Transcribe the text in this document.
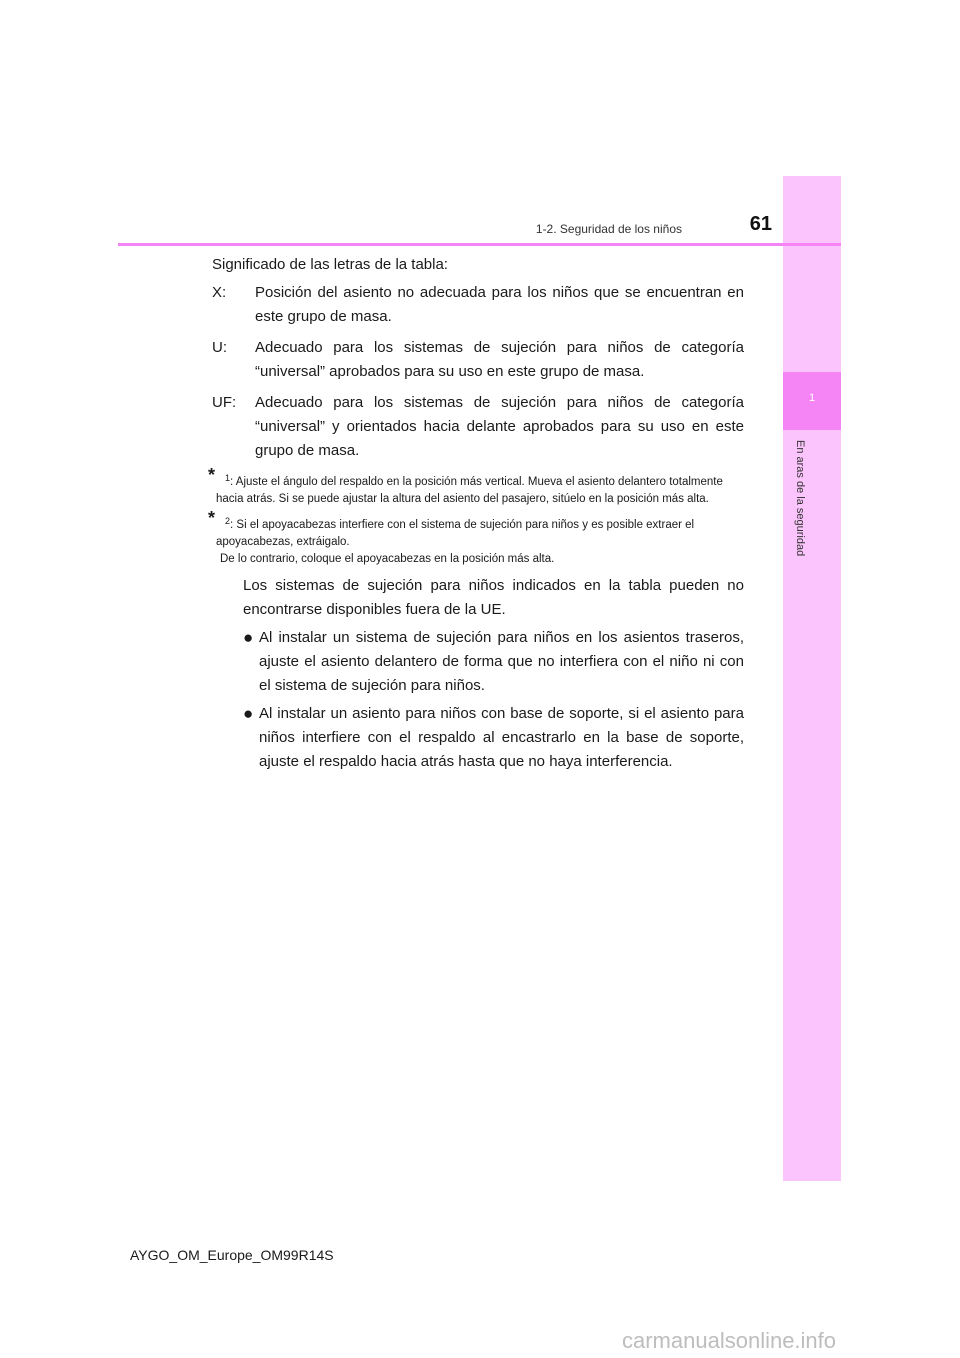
1
En aras de la seguridad
1-2. Seguridad de los niños	61

Significado de las letras de la tabla:

X:	Posición del asiento no adecuada para los niños que se encuentran en este grupo de masa.
U:	Adecuado para los sistemas de sujeción para niños de categoría “universal” aprobados para su uso en este grupo de masa.
UF:	Adecuado para los sistemas de sujeción para niños de categoría “universal” y orientados hacia delante aprobados para su uso en este grupo de masa.
* $^1$: Ajuste el ángulo del respaldo en la posición más vertical. Mueva el asiento delantero totalmente hacia atrás. Si se puede ajustar la altura del asiento del pasajero, sitúelo en la posición más alta.
* $^2$: Si el apoyacabezas interfiere con el sistema de sujeción para niños y es posible extraer el apoyacabezas, extráigalo.
De lo contrario, coloque el apoyacabezas en la posición más alta.

Los sistemas de sujeción para niños indicados en la tabla pueden no encontrarse disponibles fuera de la UE.

● Al instalar un sistema de sujeción para niños en los asientos traseros, ajuste el asiento delantero de forma que no interfiera con el niño ni con el sistema de sujeción para niños.
● Al instalar un asiento para niños con base de soporte, si el asiento para niños interfiere con el respaldo al encastrarlo en la base de soporte, ajuste el respaldo hacia atrás hasta que no haya interferencia.
AYGO_OM_Europe_OM99R14S
carmanualsonline.info
